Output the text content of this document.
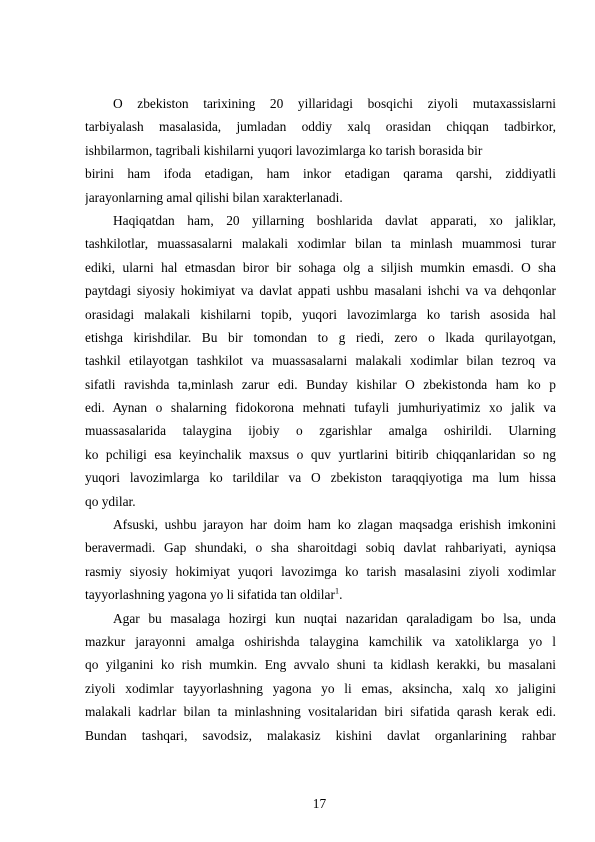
O zbekiston tarixining 20 yillaridagi bosqichi ziyoli mutaxassislarni
tarbiyalash masalasida, jumladan oddiy xalq orasidan chiqqan tadbirkor,
ishbilarmon, tagribali kishilarni yuqori lavozimlarga ko tarish borasida bir
birini ham ifoda etadigan, ham inkor etadigan qarama qarshi, ziddiyatli
jarayonlarning amal qilishi bilan xarakterlanadi.
Haqiqatdan ham, 20 yillarning boshlarida davlat apparati, xo jaliklar,
tashkilotlar, muassasalarni malakali xodimlar bilan ta minlash muammosi turar
ediki, ularni hal etmasdan biror bir sohaga olg a siljish mumkin emasdi. O sha
paytdagi siyosiy hokimiyat va davlat appati ushbu masalani ishchi va va dehqonlar
orasidagi malakali kishilarni topib, yuqori lavozimlarga ko tarish asosida hal
etishga kirishdilar. Bu bir tomondan to g riedi, zero o lkada qurilayotgan,
tashkil etilayotgan tashkilot va muassasalarni malakali xodimlar bilan tezroq va
sifatli ravishda ta,minlash zarur edi. Bunday kishilar O zbekistonda ham ko p
edi. Aynan o shalarning fidokorona mehnati tufayli jumhuriyatimiz xo jalik va
muassasalarida talaygina ijobiy o zgarishlar amalga oshirildi. Ularning
ko pchiligi esa keyinchalik maxsus o quv yurtlarini bitirib chiqqanlaridan so ng
yuqori lavozimlarga ko tarildilar va O zbekiston taraqqiyotiga ma lum hissa
qo ydilar.
Afsuski, ushbu jarayon har doim ham ko zlagan maqsadga erishish imkonini
beravermadi. Gap shundaki, o sha sharoitdagi sobiq davlat rahbariyati, ayniqsa
rasmiy siyosiy hokimiyat yuqori lavozimga ko tarish masalasini ziyoli xodimlar
tayyorlashning yagona yo li sifatida tan oldilar$^1$.
Agar bu masalaga hozirgi kun nuqtai nazaridan qaraladigam bo lsa, unda
mazkur jarayonni amalga oshirishda talaygina kamchilik va xatoliklarga yo l
qo yilganini ko rish mumkin. Eng avvalo shuni ta kidlash kerakki, bu masalani
ziyoli xodimlar tayyorlashning yagona yo li emas, aksincha, xalq xo jaligini
malakali kadrlar bilan ta minlashning vositalaridan biri sifatida qarash kerak edi.
Bundan tashqari, savodsiz, malakasiz kishini davlat organlarining rahbar
17
